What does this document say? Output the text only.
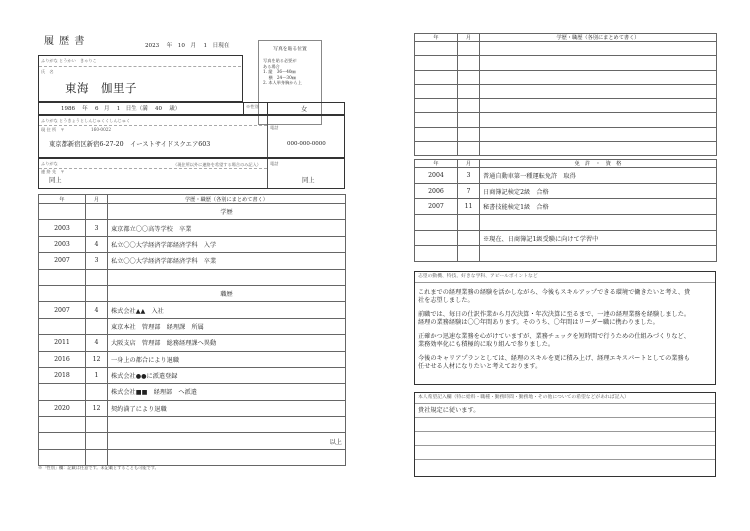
履 歴 書	2023　 年　10　月　 1　日現在
写真を貼る位置
写真を貼る必要が
ある場合
1. 縦　36〜40㎜
　 横　24〜30㎜
2. 本人単身胸から上
ふりがな とうかい　きゃりこ
氏　名
東海　伽里子
1986　 年　 6　月　 1　日生（満　 40　 歳）	※性別	女
ふりがな とうきょうとしんじゅくくしんじゅく
現 住 所　〒	160-0022
東京都新宿区新宿6-27-20　イーストサイドスクエア603
電話
000-000-0000
ふりがな
連 絡 先　〒
（現住所以外に連絡を希望する場合のみ記入）
同上
電話
同上
年	月	学歴・職歴（各別にまとめて書く）
		学歴
2003	3	東京都立〇〇高等学校　卒業
2003	4	私立〇〇大学経済学部経済学科　入学
2007	3	私立〇〇大学経済学部経済学科　卒業

		職歴
2007	4	株式会社▲▲　入社
		東京本社　管理部　経理課　所属
2011	4	大阪支店　管理部　総務経理課へ異動
2016	12	一身上の都合により退職
2018	1	株式会社●●に派遣登録
		株式会社■■　経理部　へ派遣
2020	12	契約満了により退職

		以上

※「性別」欄：記載は任意です。未記載とすることも可能です。
年	月	学歴・職歴（各別にまとめて書く）

年	月	免　許　・　資　格
2004	3	普通自動車第一種運転免許　取得
2006	7	日商簿記検定2級　合格
2007	11	秘書技能検定1級　合格

		※現在、日商簿記1級受験に向けて学習中

志望の動機、特技、好きな学科、アピールポイントなど
これまでの経理業務の経験を活かしながら、今後もスキルアップできる環境で働きたいと考え、貴
社を志望しました。
前職では、毎日の仕訳作業から月次決算・年次決算に至るまで、一連の経理業務を経験しました。
経理の業務経験は〇〇年間あります。そのうち、〇年間はリーダー職に携わりました。
正確かつ迅速な業務を心がけていますが、業務チェックを短時間で行うための仕組みづくりなど、
業務効率化にも積極的に取り組んで参りました。
今後のキャリアプランとしては、経理のスキルを更に積み上げ、経理エキスパートとしての業務も
任せせる人材になりたいと考えております。
本人希望記入欄（特に給料・職種・勤務時間・勤務地・その他についての希望などがあれば記入）
貴社規定に従います。
